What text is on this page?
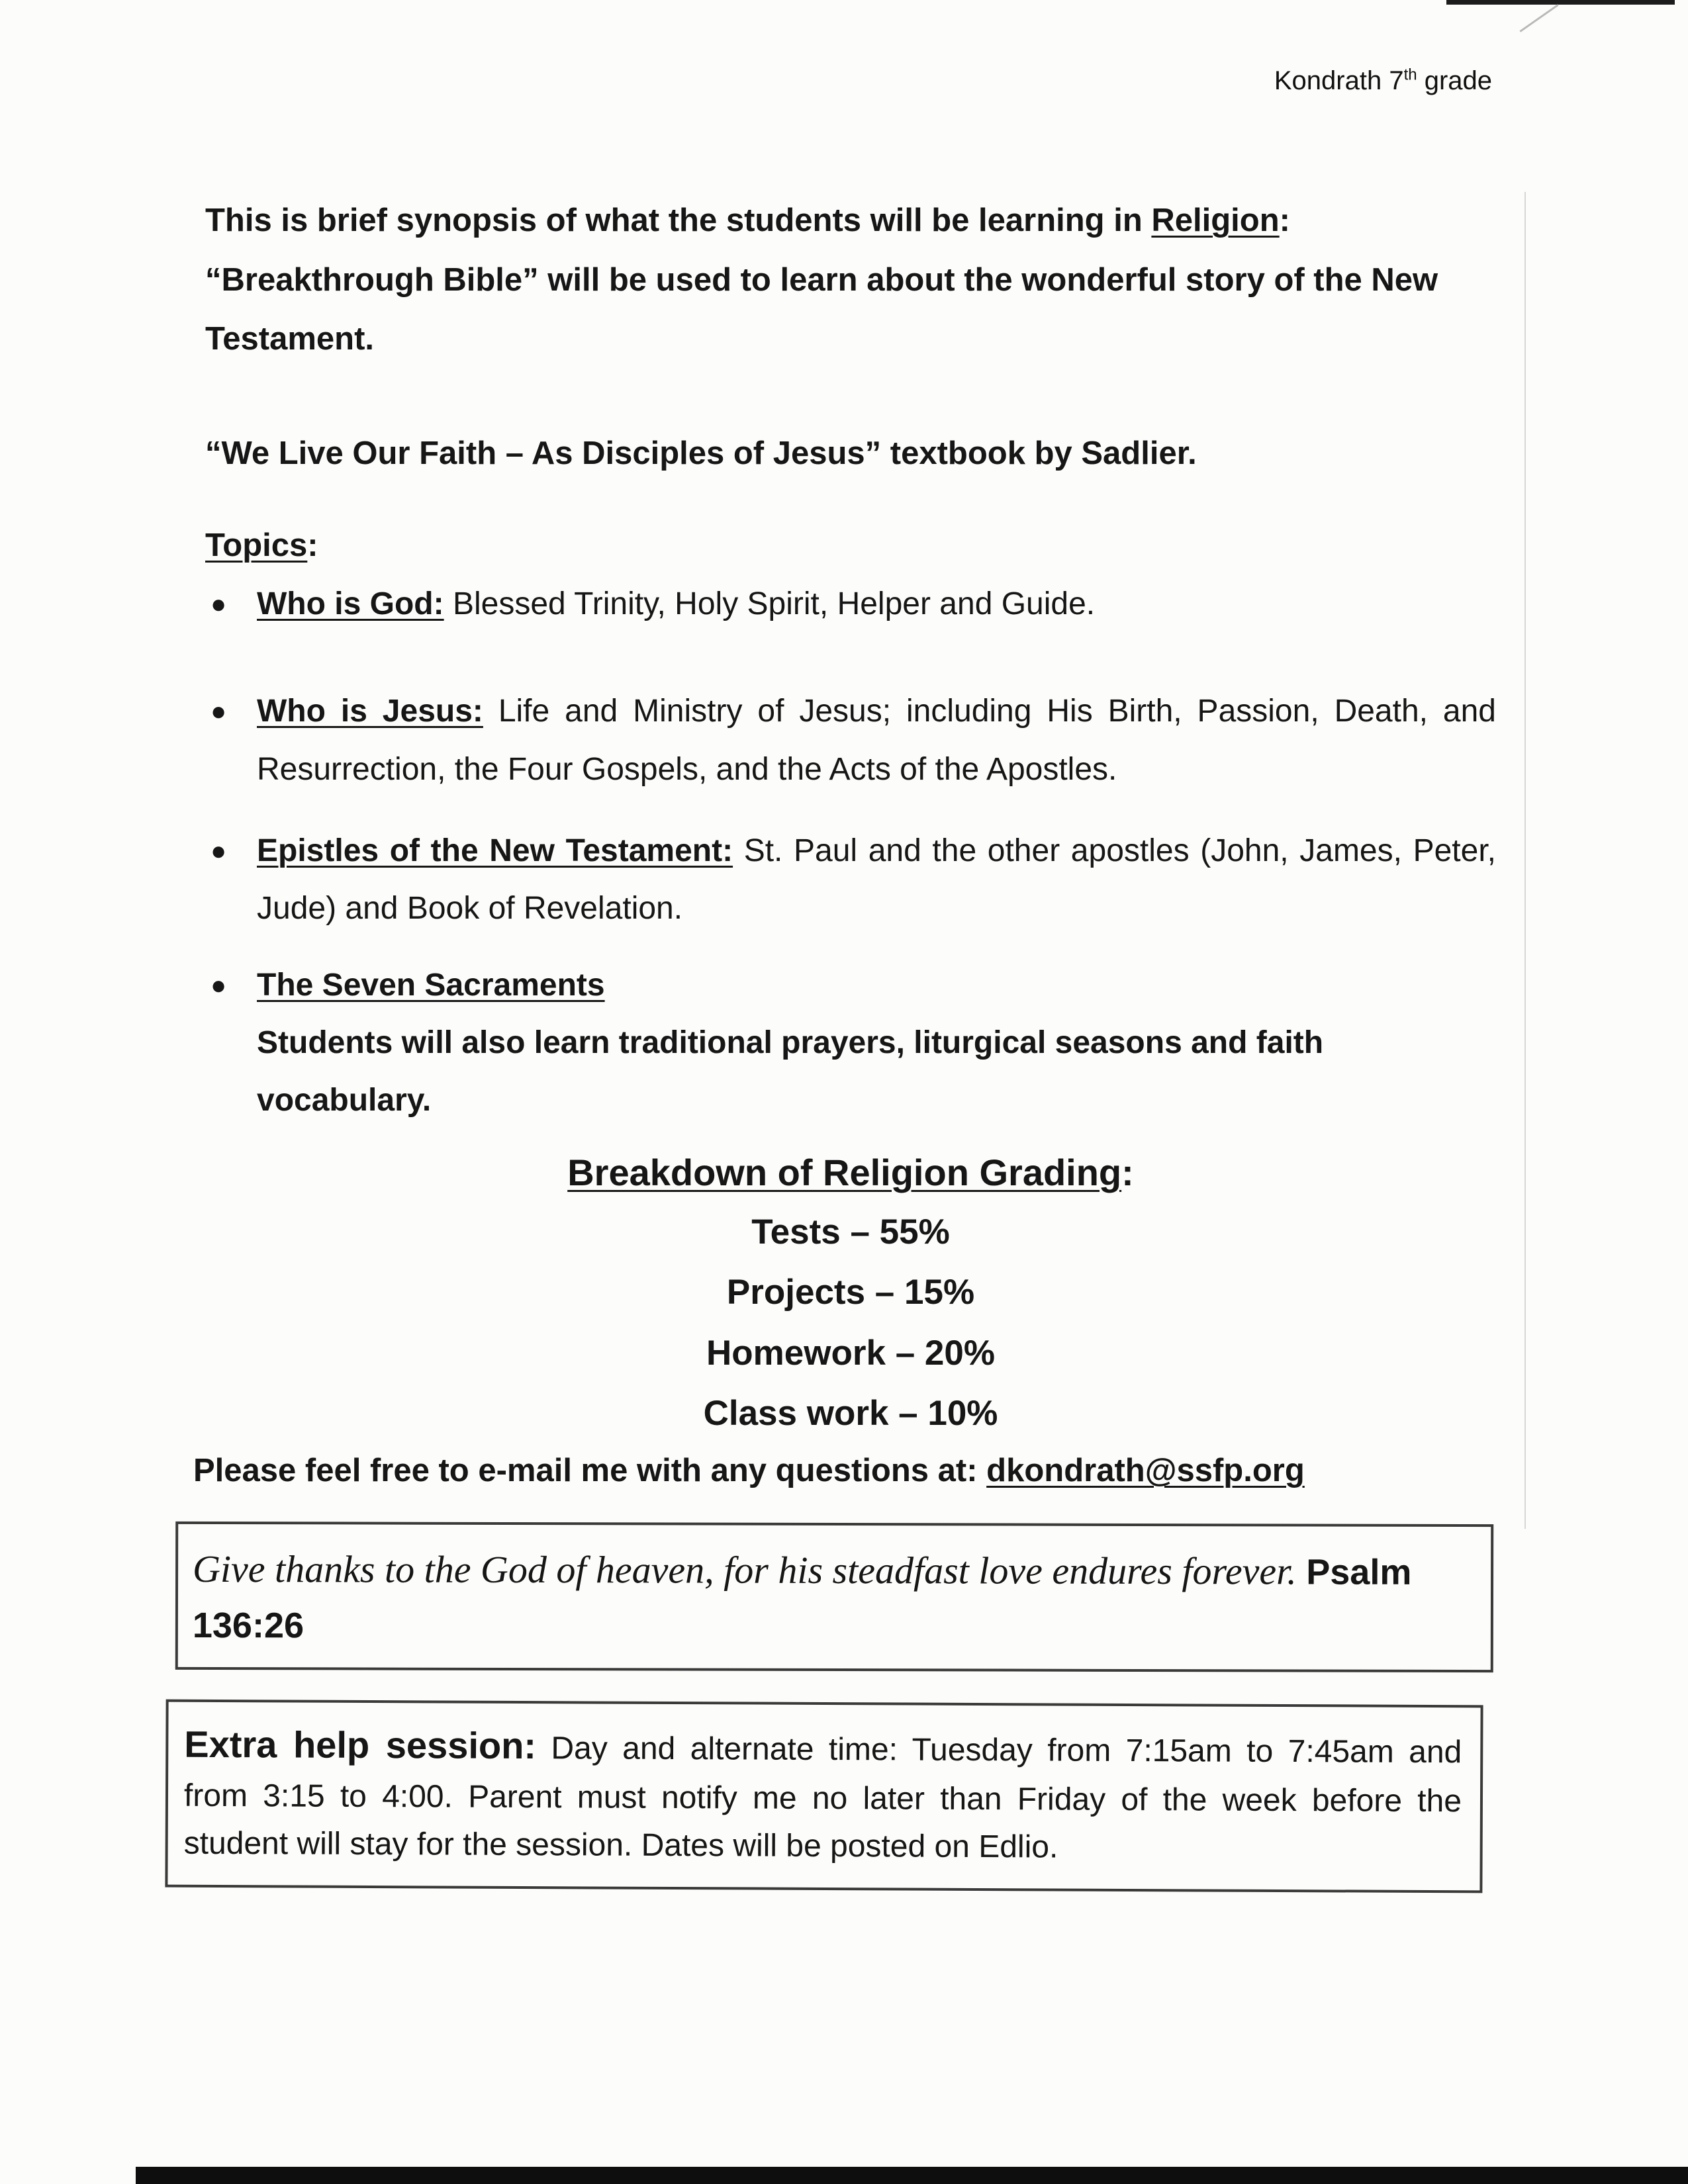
Kondrath 7th grade

This is brief synopsis of what the students will be learning in Religion: “Breakthrough Bible” will be used to learn about the wonderful story of the New Testament.

“We Live Our Faith – As Disciples of Jesus” textbook by Sadlier.

Topics:
● Who is God: Blessed Trinity, Holy Spirit, Helper and Guide.
● Who is Jesus: Life and Ministry of Jesus; including His Birth, Passion, Death, and Resurrection, the Four Gospels, and the Acts of the Apostles.
● Epistles of the New Testament: St. Paul and the other apostles (John, James, Peter, Jude) and Book of Revelation.
● The Seven Sacraments
Students will also learn traditional prayers, liturgical seasons and faith vocabulary.
Breakdown of Religion Grading:
Tests – 55%
Projects – 15%
Homework – 20%
Class work – 10%
Please feel free to e-mail me with any questions at: dkondrath@ssfp.org
Give thanks to the God of heaven, for his steadfast love endures forever. Psalm 136:26
Extra help session: Day and alternate time: Tuesday from 7:15am to 7:45am and from 3:15 to 4:00. Parent must notify me no later than Friday of the week before the student will stay for the session. Dates will be posted on Edlio.
